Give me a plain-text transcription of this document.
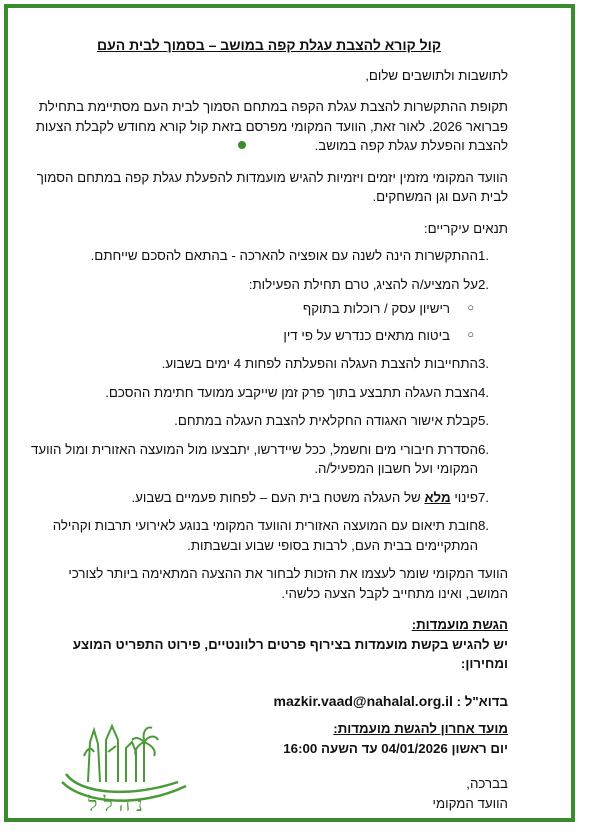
קול קורא להצבת עגלת קפה במושב – בסמוך לבית העם

לתושבות ולתושבים שלום,

תקופת ההתקשרות להצבת עגלת הקפה במתחם הסמוך לבית העם מסתיימת בתחילת פברואר 2026. לאור זאת, הוועד המקומי מפרסם בזאת קול קורא מחודש לקבלת הצעות להצבת והפעלת עגלת קפה במושב.

הוועד המקומי מזמין יזמים ויזמיות להגיש מועמדות להפעלת עגלת קפה במתחם הסמוך לבית העם וגן המשחקים.

תנאים עיקריים:

1.
ההתקשרות הינה לשנה עם אופציה להארכה - בהתאם להסכם שייחתם.
2.
על המציע/ה להציג, טרם תחילת הפעילות:
○
רישיון עסק / רוכלות בתוקף
○
ביטוח מתאים כנדרש על פי דין
3.
התחייבות להצבת העגלה והפעלתה לפחות 4 ימים בשבוע.
4.
הצבת העגלה תתבצע בתוך פרק זמן שייקבע ממועד חתימת ההסכם.
5.
קבלת אישור האגודה החקלאית להצבת העגלה במתחם.
6.
הסדרת חיבורי מים וחשמל, ככל שיידרשו, יתבצעו מול המועצה האזורית ומול הוועד המקומי ועל חשבון המפעיל/ה.
7.
פינוי מלא של העגלה משטח בית העם – לפחות פעמיים בשבוע.
8.
חובת תיאום עם המועצה האזורית והוועד המקומי בנוגע לאירועי תרבות וקהילה המתקיימים בבית העם, לרבות בסופי שבוע ובשבתות.

הוועד המקומי שומר לעצמו את הזכות לבחור את ההצעה המתאימה ביותר לצורכי המושב, ואינו מתחייב לקבל הצעה כלשהי.

הגשת מועמדות:

יש להגיש בקשת מועמדות בצירוף פרטים רלוונטיים, פירוט התפריט המוצע ומחירון:

בדוא"ל : mazkir.vaad@nahalal.org.il
מועד אחרון להגשת מועמדות:

יום ראשון 04/01/2026 עד השעה 16:00

בברכה,
הוועד המקומי
נהלל
